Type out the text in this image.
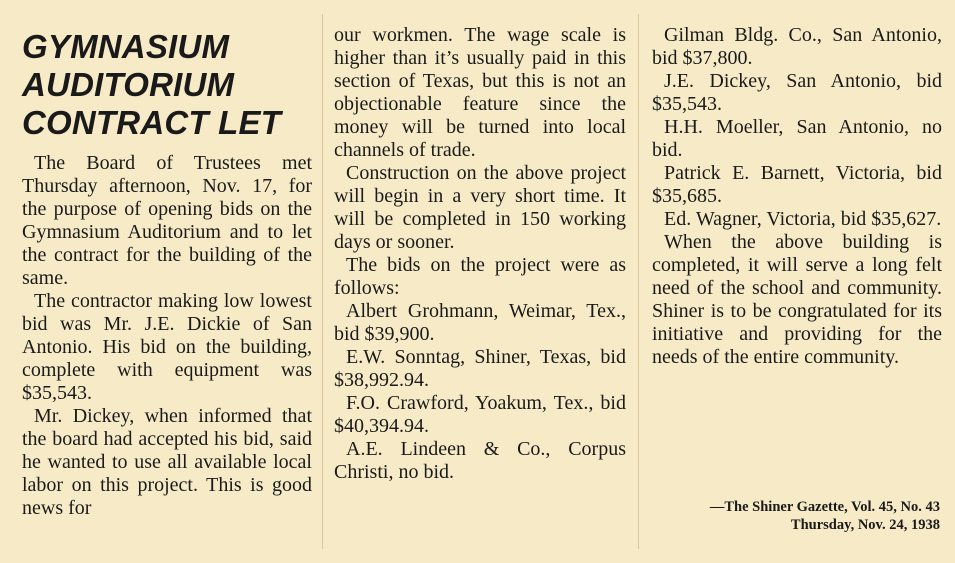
GYMNASIUM
AUDITORIUM
CONTRACT LET

The Board of Trustees met Thursday afternoon, Nov. 17, for the purpose of opening bids on the Gymnasium Auditorium and to let the contract for the building of the same.

The contractor making low lowest bid was Mr. J.E. Dickie of San Antonio. His bid on the building, complete with equipment was $35,543.

Mr. Dickey, when informed that the board had accepted his bid, said he wanted to use all available local labor on this project. This is good news for

our workmen. The wage scale is higher than it’s usually paid in this section of Texas, but this is not an objectionable feature since the money will be turned into local channels of trade.

Construction on the above project will begin in a very short time. It will be completed in 150 working days or sooner.

The bids on the project were as follows:

Albert Grohmann, Weimar, Tex., bid $39,900.

E.W. Sonntag, Shiner, Texas, bid $38,992.94.

F.O. Crawford, Yoakum, Tex., bid $40,394.94.

A.E. Lindeen & Co., Corpus Christi, no bid.

Gilman Bldg. Co., San Antonio, bid $37,800.

J.E. Dickey, San Antonio, bid $35,543.

H.H. Moeller, San Antonio, no bid.

Patrick E. Barnett, Victoria, bid $35,685.

Ed. Wagner, Victoria, bid $35,627.

When the above building is completed, it will serve a long felt need of the school and community. Shiner is to be congratulated for its initiative and providing for the needs of the entire community.

—The Shiner Gazette, Vol. 45, No. 43
Thursday, Nov. 24, 1938
